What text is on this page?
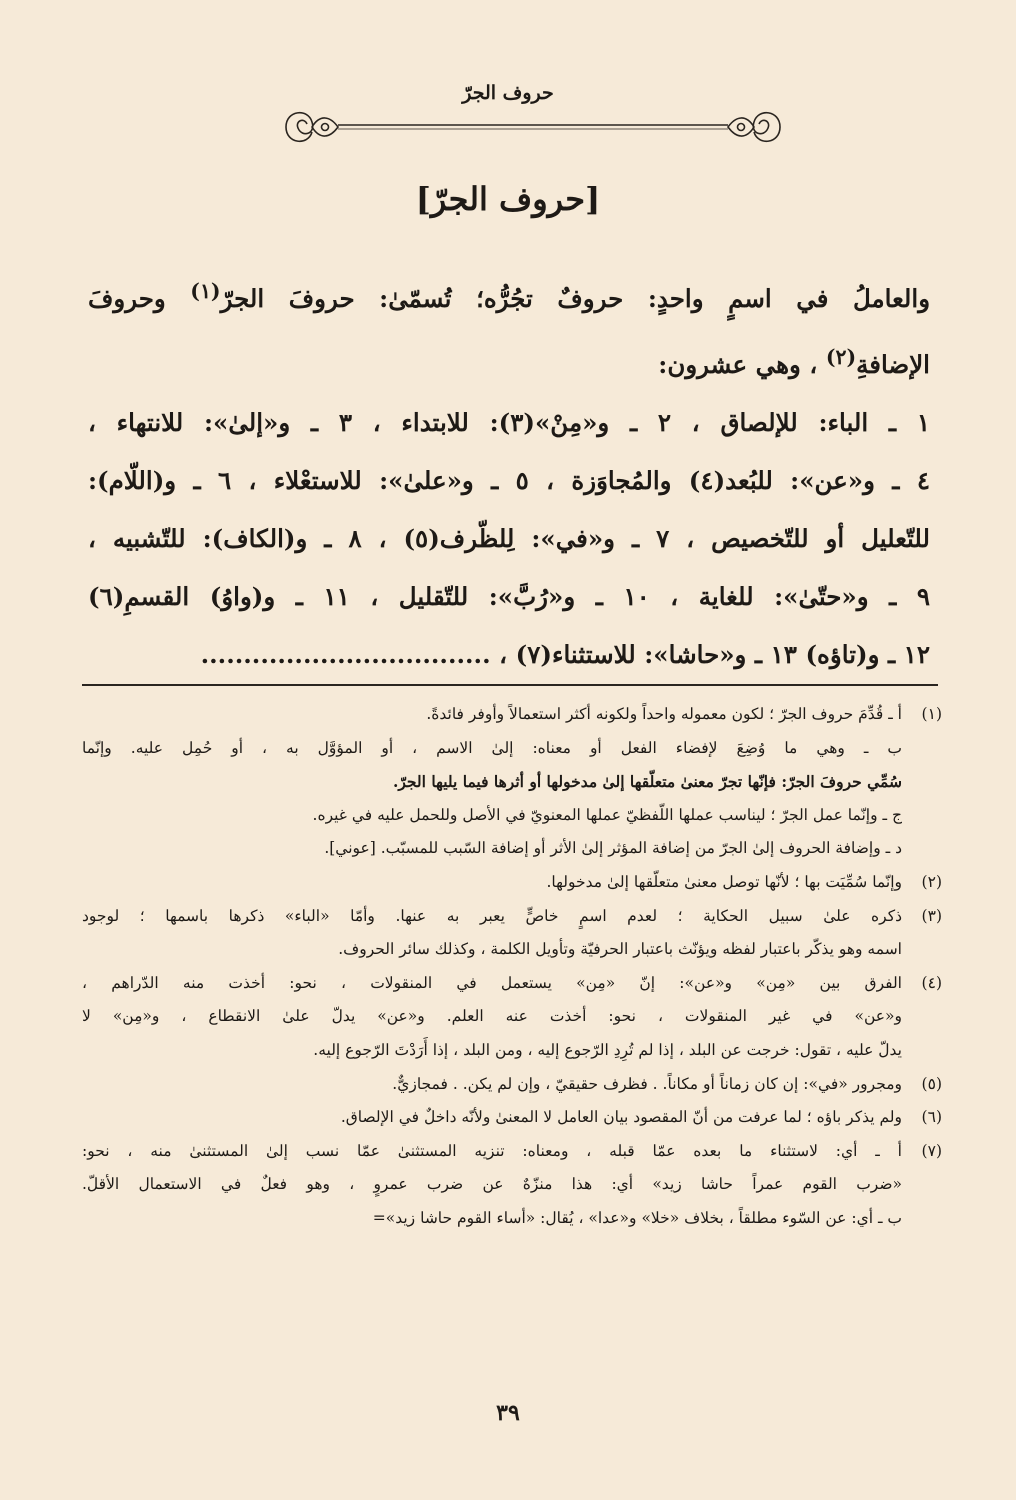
حروف الجرّ
[حروف الجرّ]

والعاملُ في اسمٍ واحدٍ: حروفٌ تجُرُّه؛ تُسمّىٰ: حروفَ الجرّ$^{(١)}$ وحروفَ

الإضافةِ$^{(٢)}$ ، وهي عشرون:

١ ـ الباء: للإلصاق ، ٢ ـ و«مِنْ»(٣): للابتداء ، ٣ ـ و«إلىٰ»: للانتهاء ،

٤ ـ و«عن»: للبُعد(٤) والمُجاوَزة ، ٥ ـ و«علىٰ»: للاستعْلاء ، ٦ ـ و(اللّام):

للتّعليل أو للتّخصيص ، ٧ ـ و«في»: لِلظّرف(٥) ، ٨ ـ و(الكاف): للتّشبيه ،

٩ ـ و«حتّىٰ»: للغاية ، ١٠ ـ و«رُبَّ»: للتّقليل ، ١١ ـ و(واوُ) القسمِ(٦)

١٢ ـ و(تاؤه) ١٣ ـ و«حاشا»: للاستثناء(٧) ، ..................................

(١)

أ ـ قُدِّمَ حروف الجرّ ؛ لكون معموله واحداً ولكونه أكثر استعمالاً وأوفر فائدةً.

ب ـ وهي ما وُضِعَ لإفضاء الفعل أو معناه: إلىٰ الاسم ، أو المؤوَّل به ، أو حُمِل عليه. وإنّما

سُمِّي حروفَ الجرّ: فإنّها تجرّ معنىٰ متعلّقها إلىٰ مدخولها أو أثرها فيما يليها الجرّ.

ج ـ وإنّما عمل الجرّ ؛ ليناسب عملها اللّفظيّ عملها المعنويّ في الأصل وللحمل عليه في غيره.

د ـ وإضافة الحروف إلىٰ الجرّ من إضافة المؤثر إلىٰ الأثر أو إضافة السّبب للمسبّب. [عوني].

(٢)

وإنّما سُمِّيَت بها ؛ لأنّها توصل معنىٰ متعلّقها إلىٰ مدخولها.

(٣)

ذكره علىٰ سبيل الحكاية ؛ لعدم اسمٍ خاصٍّ يعبر به عنها. وأمّا «الباء» ذكرها باسمها ؛ لوجود

اسمه وهو يذكّر باعتبار لفظه ويؤنّث باعتبار الحرفيّة وتأويل الكلمة ، وكذلك سائر الحروف.

(٤)

الفرق بين «مِن» و«عن»: إنّ «مِن» يستعمل في المنقولات ، نحو: أخذت منه الدّراهم ،

و«عن» في غير المنقولات ، نحو: أخذت عنه العلم. و«عن» يدلّ علىٰ الانقطاع ، و«مِن» لا

يدلّ عليه ، تقول: خرجت عن البلد ، إذا لم تُرِدِ الرّجوع إليه ، ومن البلد ، إذا أَرَدْتَ الرّجوع إليه.

(٥)

ومجرور «في»: إن كان زماناً أو مكاناً. . فظرف حقيقيّ ، وإن لم يكن. . فمجازيٌّ.

(٦)

ولم يذكر باؤه ؛ لما عرفت من أنّ المقصود بيان العامل لا المعنىٰ ولأنّه داخلٌ في الإلصاق.

(٧)

أ ـ أي: لاستثناء ما بعده عمّا قبله ، ومعناه: تنزيه المستثنىٰ عمّا نسب إلىٰ المستثنىٰ منه ، نحو:

«ضرب القوم عمراً حاشا زيد» أي: هذا منزّهٌ عن ضرب عمروٍ ، وهو فعلٌ في الاستعمال الأقلّ.

ب ـ أي: عن السّوء مطلقاً ، بخلاف «خلا» و«عدا» ، يُقال: «أساء القوم حاشا زيد»=

٣٩
